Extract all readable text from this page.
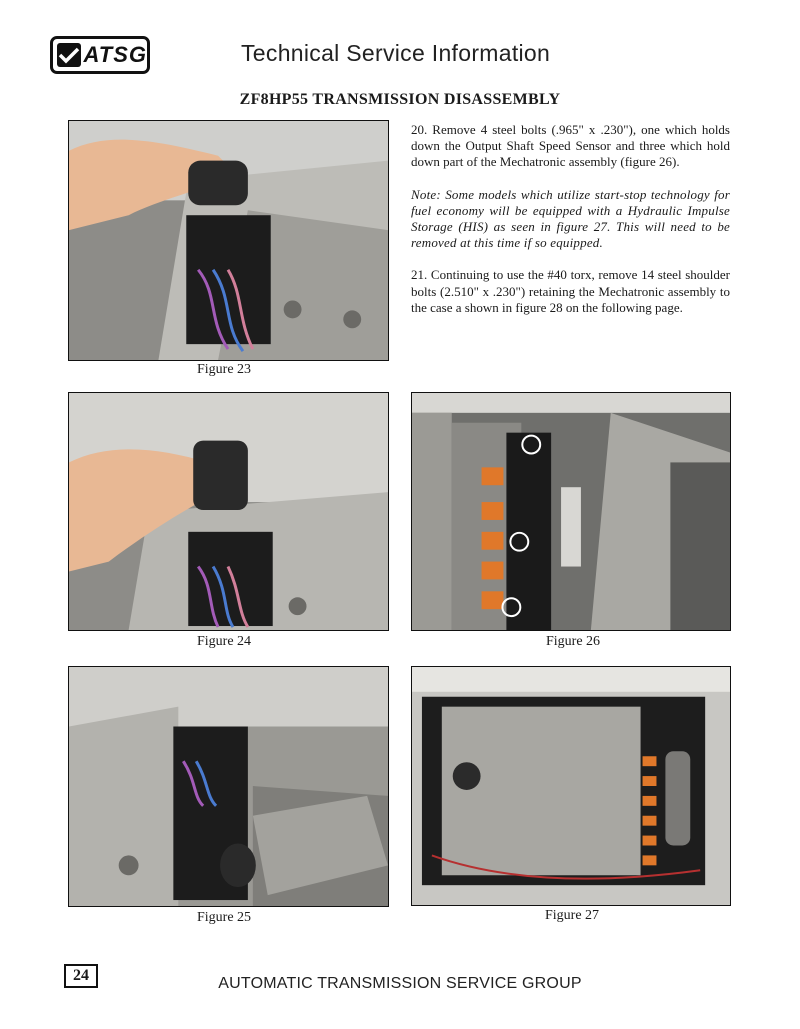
ATSG	Technical Service Information
ZF8HP55 TRANSMISSION DISASSEMBLY

20. Remove 4 steel bolts (.965" x .230"), one which holds down the Output Shaft Speed Sensor and three which hold down part of the Mechatronic assembly (figure 26).

Note: Some models which utilize start-stop technology for fuel economy will be equipped with a Hydraulic Impulse Storage (HIS) as seen in figure 27. This will need to be removed at this time if so equipped.

21. Continuing to use the #40 torx, remove 14 steel shoulder bolts (2.510" x .230") retaining the Mechatronic assembly to the case a shown in figure 28 on the following page.

Figure 23
Figure 24	Figure 26
Figure 25	Figure 27
24	AUTOMATIC TRANSMISSION SERVICE GROUP
